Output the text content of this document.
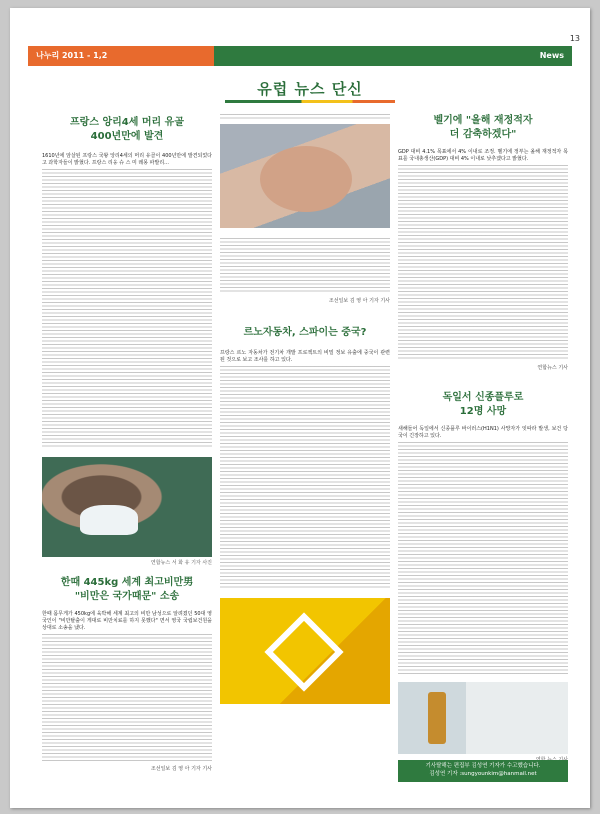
13
나누리 2011 - 1,2	News
유럽 뉴스 단신
프랑스 앙리4세 머리 유골
400년만에 발견

1610년에 암살된 프랑스 국왕 앙리4세의 머리 유골이 400년만에 발견되었다고 과학자들이 밝혔다. 프랑스 리옹 슈 스 미 레몽 파발리...

연합뉴스 서 화 유 기자 사진
한때 445kg 세계 최고비만男
"비만은 국가때문" 소송

한때 몸무게가 450kg에 육박해 세계 최고의 비만 남성으로 알려졌던 50대 영국인이 "비만탈출이 게대로 비만치료를 하지 못했다" 면서 영국 국립보건원을 상대로 소송을 냈다.

조선일보 김 영 아 기자 기사
조선일보 김 영 아 기자 기사
르노자동차, 스파이는 중국?

프랑스 르노 자동차가 전기차 개발 프로젝트의 비밀 정보 유출에 중국이 관련된 것으로 보고 조사를 하고 있다.

벨기에 "올해 재정적자
더 감축하겠다"

GDP 대비 4.1% 목표에서 4% 이내로 조정. 벨기에 정부는 올해 재정적자 목표를 국내총생산(GDP) 대비 4% 이내로 낮추겠다고 밝혔다.

연합뉴스 기사
독일서 신종플루로
12명 사망

새해들어 독일에서 신종플루 바이러스(H1N1) 사망자가 잇따라 발생, 보건 당국이 긴장하고 있다.

기사탈해는 편집부 김성연 기자가 수고했습니다.
김성연 기자 :sungyounkim@hanmail.net
